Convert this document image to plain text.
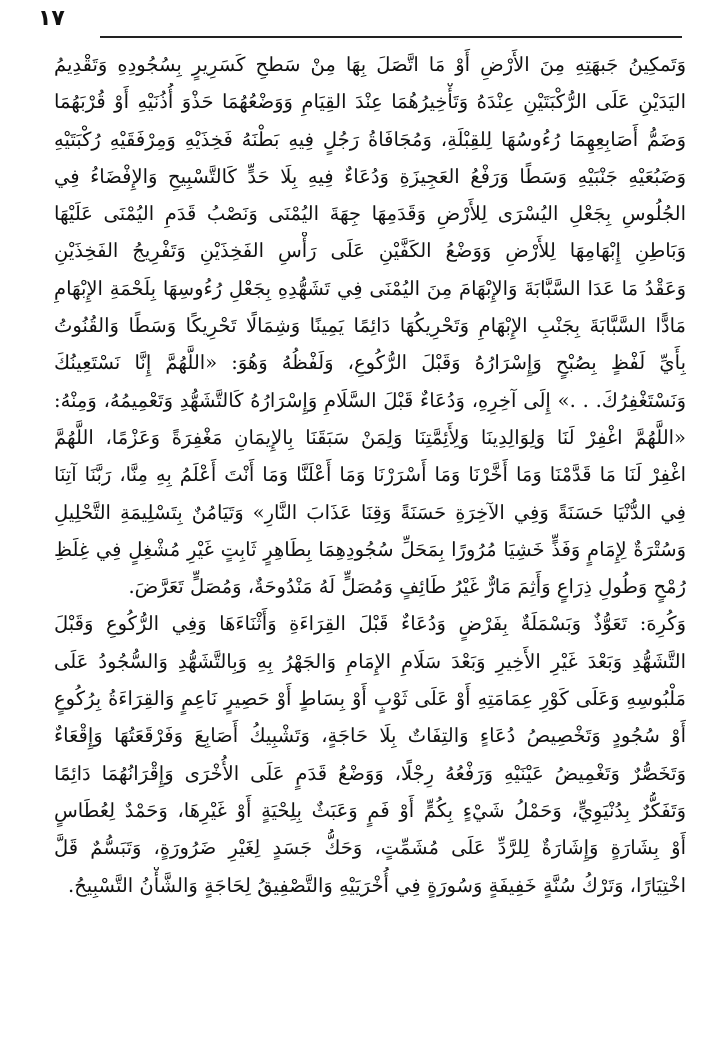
١٧
وَتَمكِينُ جَبهَتِهِ مِنَ الأَرْضِ أَوْ مَا اتَّصَلَ بِهَا مِنْ سَطحِ كَسَرِيرٍ بِسُجُودِهِ وَتَقْدِيمُ
اليَدَيْنِ عَلَى الرُّكْبَتَيْنِ عِنْدَهُ وَتَأْخِيرُهُمَا عِنْدَ القِيَامِ وَوَضْعُهُمَا حَذْوَ أُذُنَيْهِ أَوْ قُرْبَهُمَا
وَضَمُّ أَصَابِعِهِمَا رُءُوسُهَا لِلقِبْلَةِ، وَمُجَافَاةُ رَجُلٍ فِيهِ بَطْنَهُ فَخِذَيْهِ وَمِرْفَقَيْهِ رُكْبَتَيْهِ
وَضَبُعَيْهِ جَنْبَيْهِ وَسَطًا وَرَفْعُ العَجِيزَةِ وَدُعَاءٌ فِيهِ بِلَا حَدٍّ كَالتَّسْبِيحِ وَالإِفْضَاءُ فِي
الجُلُوسِ بِجَعْلِ اليُسْرَى لِلأَرْضِ وَقَدَمِهَا جِهَةَ اليُمْنَى وَنَصْبُ قَدَمِ اليُمْنَى عَلَيْهَا
وَبَاطِنِ إِبْهَامِهَا لِلأَرْضِ وَوَضْعُ الكَفَّيْنِ عَلَى رَأْسِ الفَخِذَيْنِ وَتَفْرِيجُ الفَخِذَيْنِ
وَعَقْدُ مَا عَدَا السَّبَّابَةَ وَالإِبْهَامَ مِنَ اليُمْنَى فِي تَشَهُّدِهِ بِجَعْلِ رُءُوسِهَا بِلَحْمَةِ الإِبْهَامِ
مَادًّا السَّبَّابَةَ بِجَنْبِ الإِبْهَامِ وَتَحْرِيكُهَا دَائِمًا يَمِينًا وَشِمَالًا تَحْرِيكًا وَسَطًا وَالقُنُوتُ
بِأَيِّ لَفْظٍ بِصُبْحٍ وَإِسْرَارُهُ وَقَبْلَ الرُّكُوعِ، وَلَفْظُهُ وَهُوَ: «اللَّهُمَّ إِنَّا نَسْتَعِينُكَ
وَنَسْتَغْفِرُكَ. . .» إِلَى آخِرِهِ، وَدُعَاءٌ قَبْلَ السَّلَامِ وَإِسْرَارُهُ كَالتَّشَهُّدِ وَتَعْمِيمُهُ، وَمِنْهُ:
«اللَّهُمَّ اغْفِرْ لَنَا وَلِوَالِدِينَا وَلِأَئِمَّتِنَا وَلِمَنْ سَبَقَنَا بِالإِيمَانِ مَغْفِرَةً وَعَزْمًا، اللَّهُمَّ
اغْفِرْ لَنَا مَا قَدَّمْنَا وَمَا أَخَّرْنَا وَمَا أَسْرَرْنَا وَمَا أَعْلَنَّا وَمَا أَنْتَ أَعْلَمُ بِهِ مِنَّا، رَبَّنَا آتِنَا
فِي الدُّنْيَا حَسَنَةً وَفِي الآخِرَةِ حَسَنَةً وَقِنَا عَذَابَ النَّارِ» وَتَيَامُنٌ بِتَسْلِيمَةِ التَّحْلِيلِ
وَسُتْرَةٌ لِإِمَامٍ وَفَذٍّ خَشِيَا مُرُورًا بِمَحَلِّ سُجُودِهِمَا بِطَاهِرٍ ثَابِتٍ غَيْرِ مُشْغِلٍ فِي غِلَظِ
رُمْحٍ وَطُولِ ذِرَاعٍ وَأَثِمَ مَارٌّ غَيْرُ طَائِفٍ وَمُصَلٍّ لَهُ مَنْدُوحَةٌ، وَمُصَلٍّ تَعَرَّضَ.
وَكُرِهَ: تَعَوُّذٌ وَبَسْمَلَةٌ بِفَرْضٍ وَدُعَاءٌ قَبْلَ القِرَاءَةِ وَأَثْنَاءَهَا وَفِي الرُّكُوعِ وَقَبْلَ
التَّشَهُّدِ وَبَعْدَ غَيْرِ الأَخِيرِ وَبَعْدَ سَلَامِ الإِمَامِ وَالجَهْرُ بِهِ وَبِالتَّشَهُّدِ وَالسُّجُودُ عَلَى
مَلْبُوسِهِ وَعَلَى كَوْرِ عِمَامَتِهِ أَوْ عَلَى ثَوْبٍ أَوْ بِسَاطٍ أَوْ حَصِيرٍ نَاعِمٍ وَالقِرَاءَةُ بِرُكُوعٍ
أَوْ سُجُودٍ وَتَخْصِيصُ دُعَاءٍ وَالتِفَاتٌ بِلَا حَاجَةٍ، وَتَشْبِيكُ أَصَابِعَ وَفَرْقَعَتُهَا وَإِقْعَاءٌ
وَتَخَصُّرٌ وَتَغْمِيضُ عَيْنَيْهِ وَرَفْعُهُ رِجْلًا، وَوَضْعُ قَدَمٍ عَلَى الأُخْرَى وَإِقْرَانُهُمَا دَائِمًا
وَتَفَكُّرٌ بِدُنْيَوِيٍّ، وَحَمْلُ شَيْءٍ بِكُمٍّ أَوْ فَمٍ وَعَبَثٌ بِلِحْيَةٍ أَوْ غَيْرِهَا، وَحَمْدٌ لِعُطَاسٍ
أَوْ بِشَارَةٍ وَإِشَارَةٌ لِلرَّدِّ عَلَى مُشَمِّتٍ، وَحَكُّ جَسَدٍ لِغَيْرِ ضَرُورَةٍ، وَتَبَسُّمٌ قَلَّ
اخْتِيَارًا، وَتَرْكُ سُنَّةٍ خَفِيفَةٍ وَسُورَةٍ فِي أُخْرَيَيْهِ وَالتَّصْفِيقُ لِحَاجَةٍ وَالشَّأْنُ التَّسْبِيحُ.
